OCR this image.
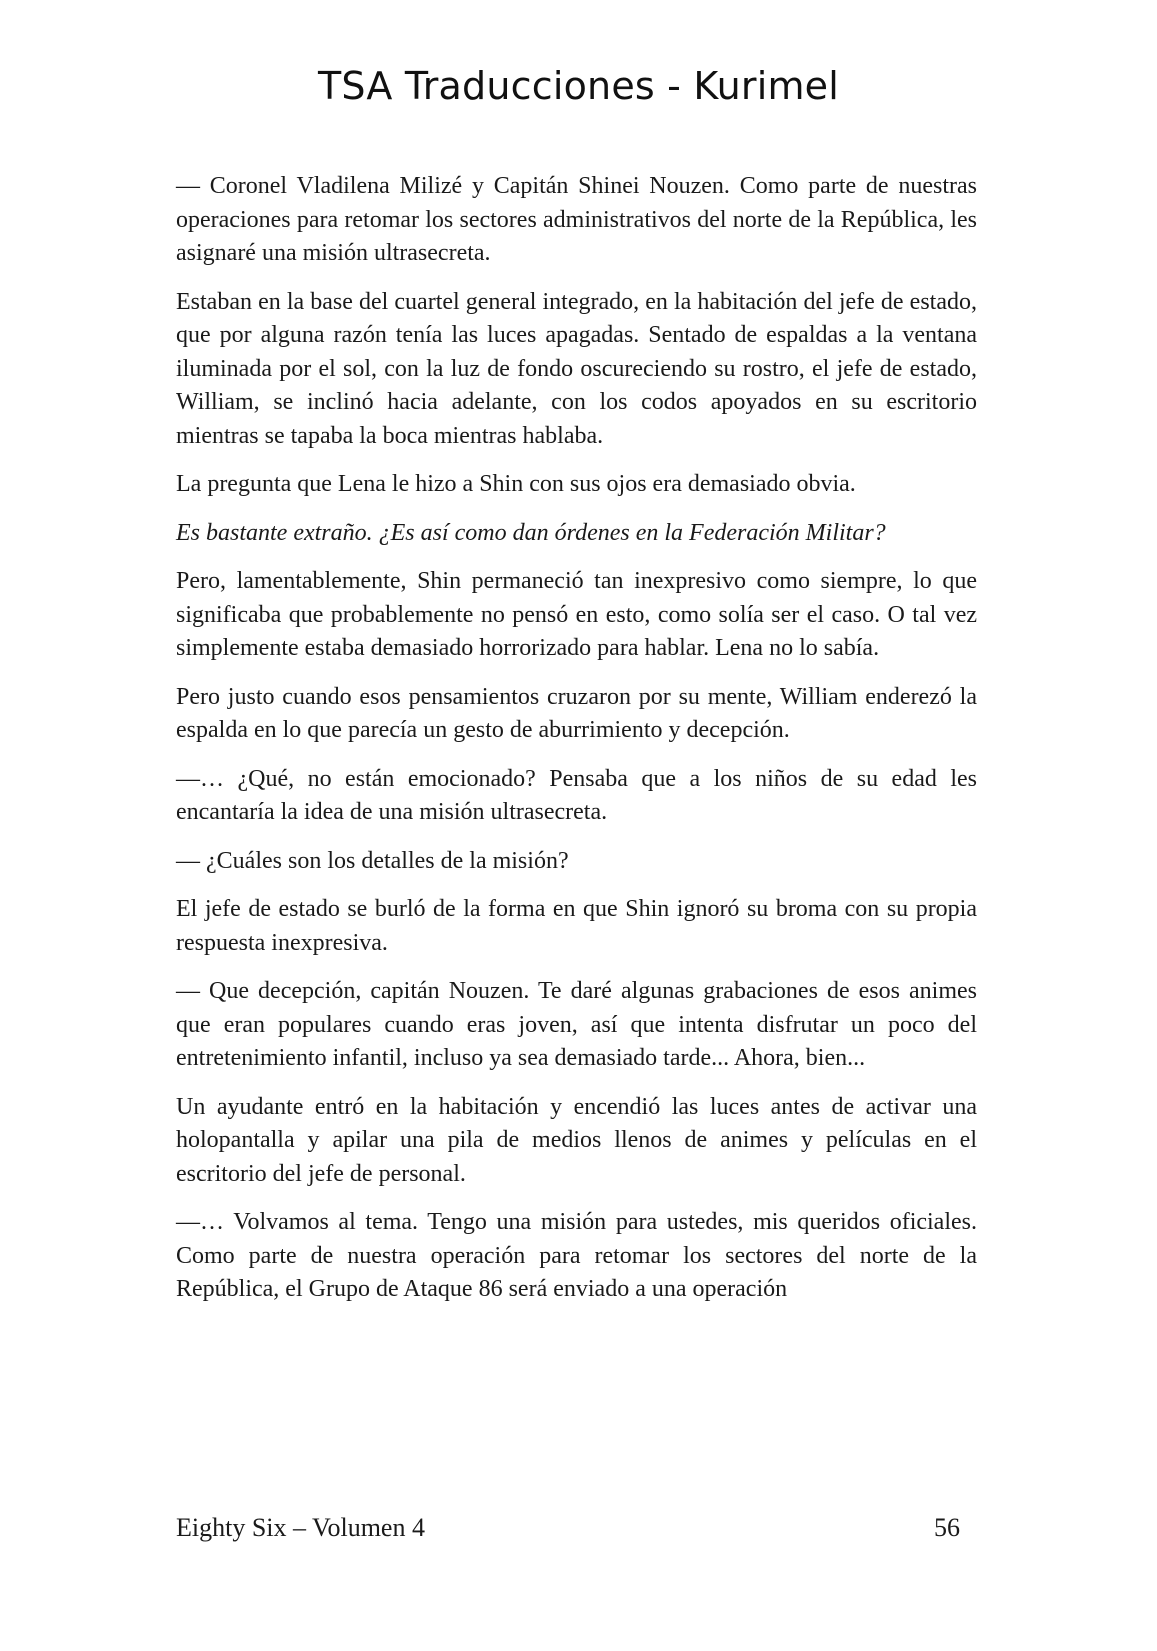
TSA Traducciones - Kurimel

— Coronel Vladilena Milizé y Capitán Shinei Nouzen. Como parte de nuestras operaciones para retomar los sectores administrativos del norte de la República, les asignaré una misión ultrasecreta.

Estaban en la base del cuartel general integrado, en la habitación del jefe de estado, que por alguna razón tenía las luces apagadas. Sentado de espaldas a la ventana iluminada por el sol, con la luz de fondo oscureciendo su rostro, el jefe de estado, William, se inclinó hacia adelante, con los codos apoyados en su escritorio mientras se tapaba la boca mientras hablaba.

La pregunta que Lena le hizo a Shin con sus ojos era demasiado obvia.

Es bastante extraño. ¿Es así como dan órdenes en la Federación Militar?

Pero, lamentablemente, Shin permaneció tan inexpresivo como siempre, lo que significaba que probablemente no pensó en esto, como solía ser el caso. O tal vez simplemente estaba demasiado horrorizado para hablar. Lena no lo sabía.

Pero justo cuando esos pensamientos cruzaron por su mente, William enderezó la espalda en lo que parecía un gesto de aburrimiento y decepción.

—… ¿Qué, no están emocionado? Pensaba que a los niños de su edad les encantaría la idea de una misión ultrasecreta.

— ¿Cuáles son los detalles de la misión?

El jefe de estado se burló de la forma en que Shin ignoró su broma con su propia respuesta inexpresiva.

— Que decepción, capitán Nouzen. Te daré algunas grabaciones de esos animes que eran populares cuando eras joven, así que intenta disfrutar un poco del entretenimiento infantil, incluso ya sea demasiado tarde... Ahora, bien...

Un ayudante entró en la habitación y encendió las luces antes de activar una holopantalla y apilar una pila de medios llenos de animes y películas en el escritorio del jefe de personal.

—… Volvamos al tema. Tengo una misión para ustedes, mis queridos oficiales. Como parte de nuestra operación para retomar los sectores del norte de la República, el Grupo de Ataque 86 será enviado a una operación

Eighty Six – Volumen 4	56
